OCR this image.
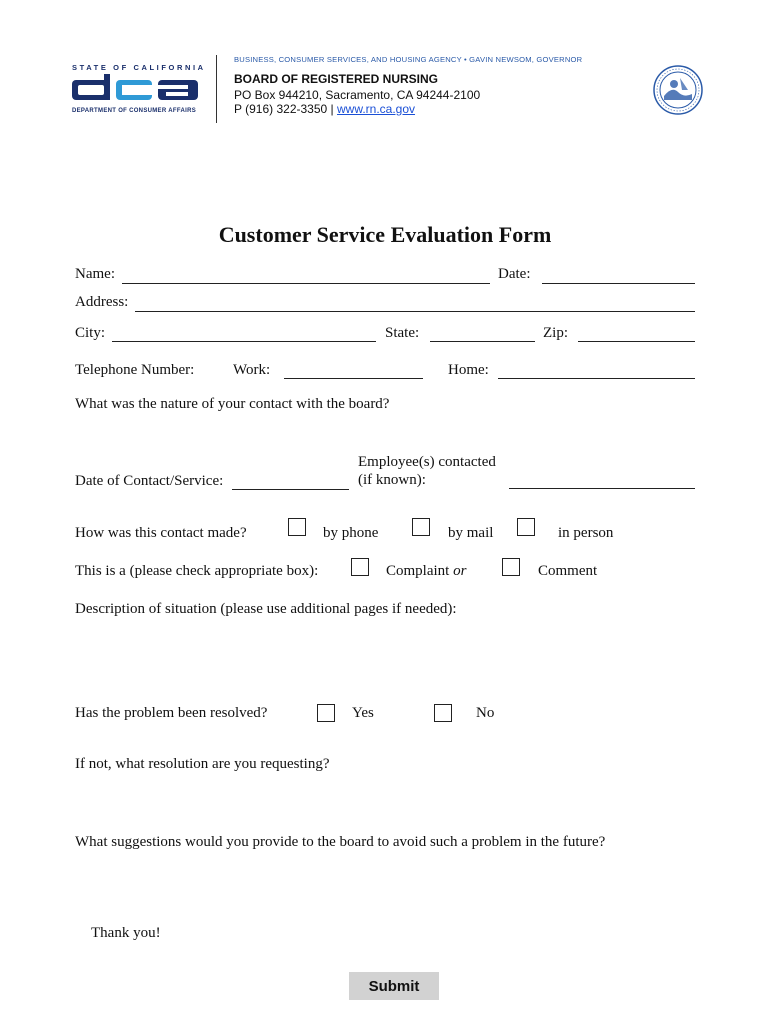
STATE OF CALIFORNIA
DEPARTMENT OF CONSUMER AFFAIRS
BUSINESS, CONSUMER SERVICES, AND HOUSING AGENCY • GAVIN NEWSOM, GOVERNOR
BOARD OF REGISTERED NURSING
PO Box 944210, Sacramento, CA 94244-2100
P (916) 322-3350 | www.rn.ca.gov
Customer Service Evaluation Form
Name:	Date:
Address:
City:	State:	Zip:
Telephone Number:	Work:	Home:
What was the nature of your contact with the board?
Date of Contact/Service:
Employee(s) contacted
(if known):
How was this contact made?	by phone	by mail	in person
This is a (please check appropriate box):	Complaint or	Comment
Description of situation (please use additional pages if needed):
Has the problem been resolved?	Yes	No
If not, what resolution are you requesting?
What suggestions would you provide to the board to avoid such a problem in the future?
Thank you!
Submit
